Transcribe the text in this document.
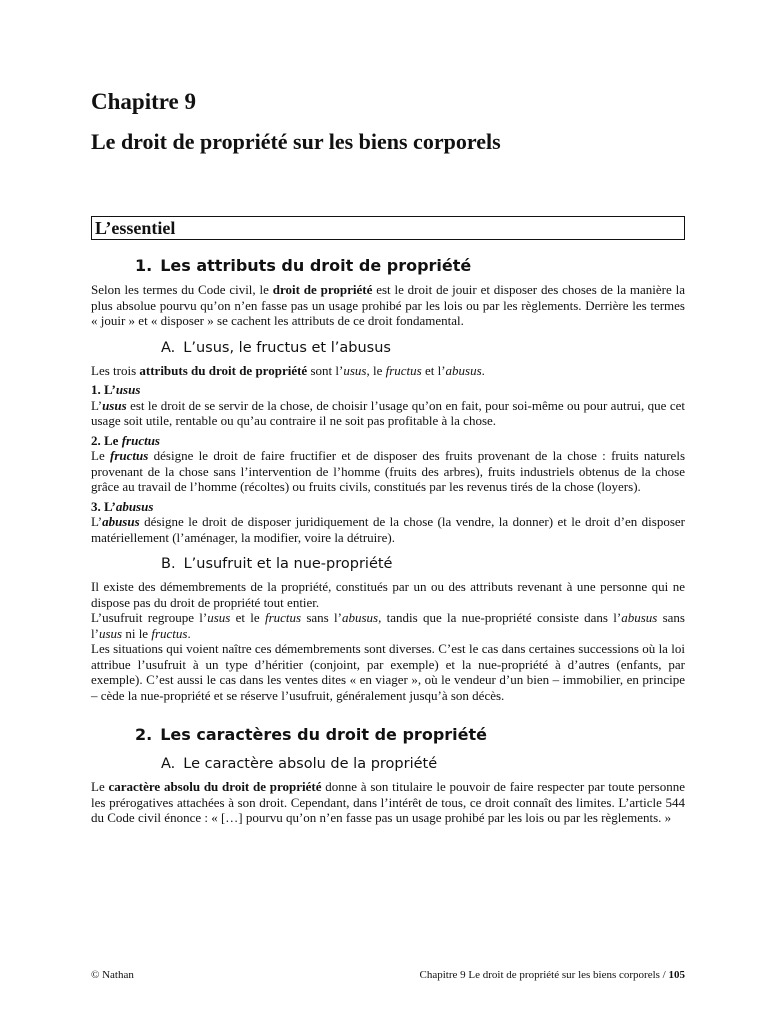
Chapitre 9
Le droit de propriété sur les biens corporels
L’essentiel
1. Les attributs du droit de propriété

Selon les termes du Code civil, le droit de propriété est le droit de jouir et disposer des choses de la manière la plus absolue pourvu qu’on n’en fasse pas un usage prohibé par les lois ou par les règlements. Derrière les termes « jouir » et « disposer » se cachent les attributs de ce droit fondamental.

A. L’usus, le fructus et l’abusus

Les trois attributs du droit de propriété sont l’usus, le fructus et l’abusus.

1. L’usus

L’usus est le droit de se servir de la chose, de choisir l’usage qu’on en fait, pour soi-même ou pour autrui, que cet usage soit utile, rentable ou qu’au contraire il ne soit pas profitable à la chose.

2. Le fructus

Le fructus désigne le droit de faire fructifier et de disposer des fruits provenant de la chose : fruits naturels provenant de la chose sans l’intervention de l’homme (fruits des arbres), fruits industriels obtenus de la chose grâce au travail de l’homme (récoltes) ou fruits civils, constitués par les revenus tirés de la chose (loyers).

3. L’abusus

L’abusus désigne le droit de disposer juridiquement de la chose (la vendre, la donner) et le droit d’en disposer matériellement (l’aménager, la modifier, voire la détruire).

B. L’usufruit et la nue-propriété

Il existe des démembrements de la propriété, constitués par un ou des attributs revenant à une personne qui ne dispose pas du droit de propriété tout entier.

L’usufruit regroupe l’usus et le fructus sans l’abusus, tandis que la nue-propriété consiste dans l’abusus sans l’usus ni le fructus.

Les situations qui voient naître ces démembrements sont diverses. C’est le cas dans certaines successions où la loi attribue l’usufruit à un type d’héritier (conjoint, par exemple) et la nue-propriété à d’autres (enfants, par exemple). C’est aussi le cas dans les ventes dites « en viager », où le vendeur d’un bien – immobilier, en principe – cède la nue-propriété et se réserve l’usufruit, généralement jusqu’à son décès.

2. Les caractères du droit de propriété
A. Le caractère absolu de la propriété

Le caractère absolu du droit de propriété donne à son titulaire le pouvoir de faire respecter par toute personne les prérogatives attachées à son droit. Cependant, dans l’intérêt de tous, ce droit connaît des limites. L’article 544 du Code civil énonce : « […] pourvu qu’on n’en fasse pas un usage prohibé par les lois ou par les règlements. »

© Nathan	Chapitre 9 Le droit de propriété sur les biens corporels / 105
